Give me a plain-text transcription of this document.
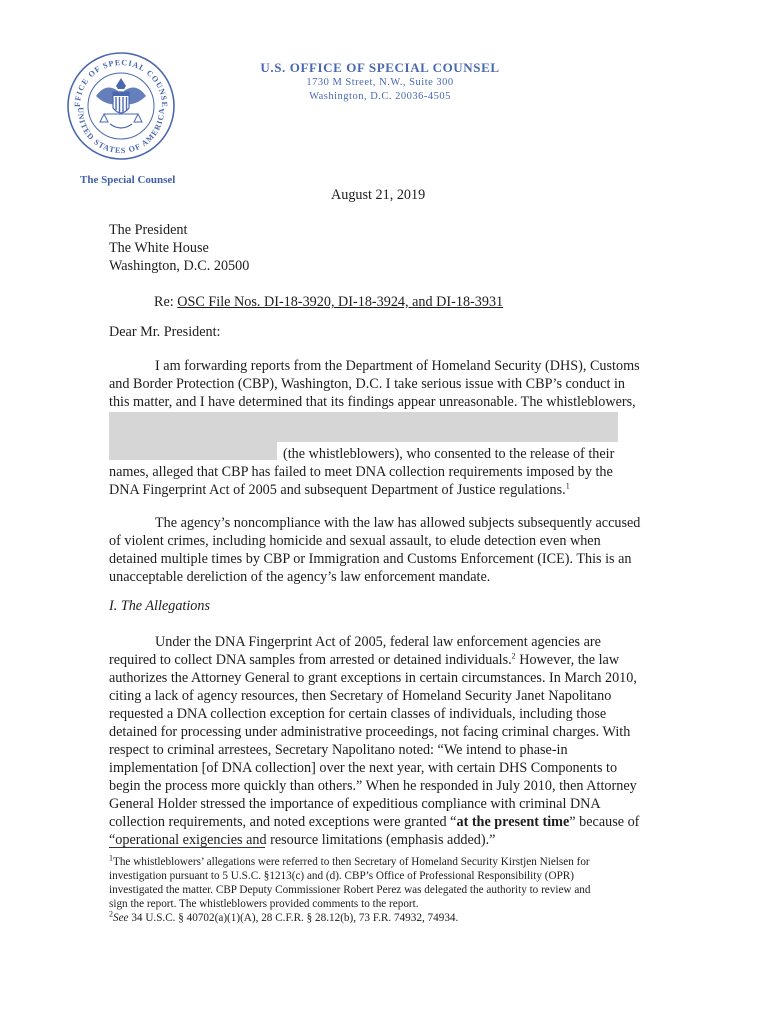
FFICE OF SPECIAL COUNSE
UNITED STATES OF AMERICA
The Special Counsel
U.S. OFFICE OF SPECIAL COUNSEL
1730 M Street, N.W., Suite 300
Washington, D.C. 20036-4505
August 21, 2019
The President
The White House
Washington, D.C. 20500
Re: OSC File Nos. DI-18-3920, DI-18-3924, and DI-18-3931
Dear Mr. President:
I am forwarding reports from the Department of Homeland Security (DHS), Customs
and Border Protection (CBP), Washington, D.C. I take serious issue with CBP’s conduct in
this matter, and I have determined that its findings appear unreasonable. The whistleblowers,
(the whistleblowers), who consented to the release of their
names, alleged that CBP has failed to meet DNA collection requirements imposed by the
DNA Fingerprint Act of 2005 and subsequent Department of Justice regulations.$^1$
The agency’s noncompliance with the law has allowed subjects subsequently accused
of violent crimes, including homicide and sexual assault, to elude detection even when
detained multiple times by CBP or Immigration and Customs Enforcement (ICE). This is an
unacceptable dereliction of the agency’s law enforcement mandate.
I. The Allegations
Under the DNA Fingerprint Act of 2005, federal law enforcement agencies are
required to collect DNA samples from arrested or detained individuals.$^2$ However, the law
authorizes the Attorney General to grant exceptions in certain circumstances. In March 2010,
citing a lack of agency resources, then Secretary of Homeland Security Janet Napolitano
requested a DNA collection exception for certain classes of individuals, including those
detained for processing under administrative proceedings, not facing criminal charges. With
respect to criminal arrestees, Secretary Napolitano noted: “We intend to phase-in
implementation [of DNA collection] over the next year, with certain DHS Components to
begin the process more quickly than others.” When he responded in July 2010, then Attorney
General Holder stressed the importance of expeditious compliance with criminal DNA
collection requirements, and noted exceptions were granted “at the present time” because of
“operational exigencies and resource limitations (emphasis added).”
$^1$The whistleblowers’ allegations were referred to then Secretary of Homeland Security Kirstjen Nielsen for
investigation pursuant to 5 U.S.C. §1213(c) and (d). CBP’s Office of Professional Responsibility (OPR)
investigated the matter. CBP Deputy Commissioner Robert Perez was delegated the authority to review and
sign the report. The whistleblowers provided comments to the report.
$^2$See 34 U.S.C. § 40702(a)(1)(A), 28 C.F.R. § 28.12(b), 73 F.R. 74932, 74934.
